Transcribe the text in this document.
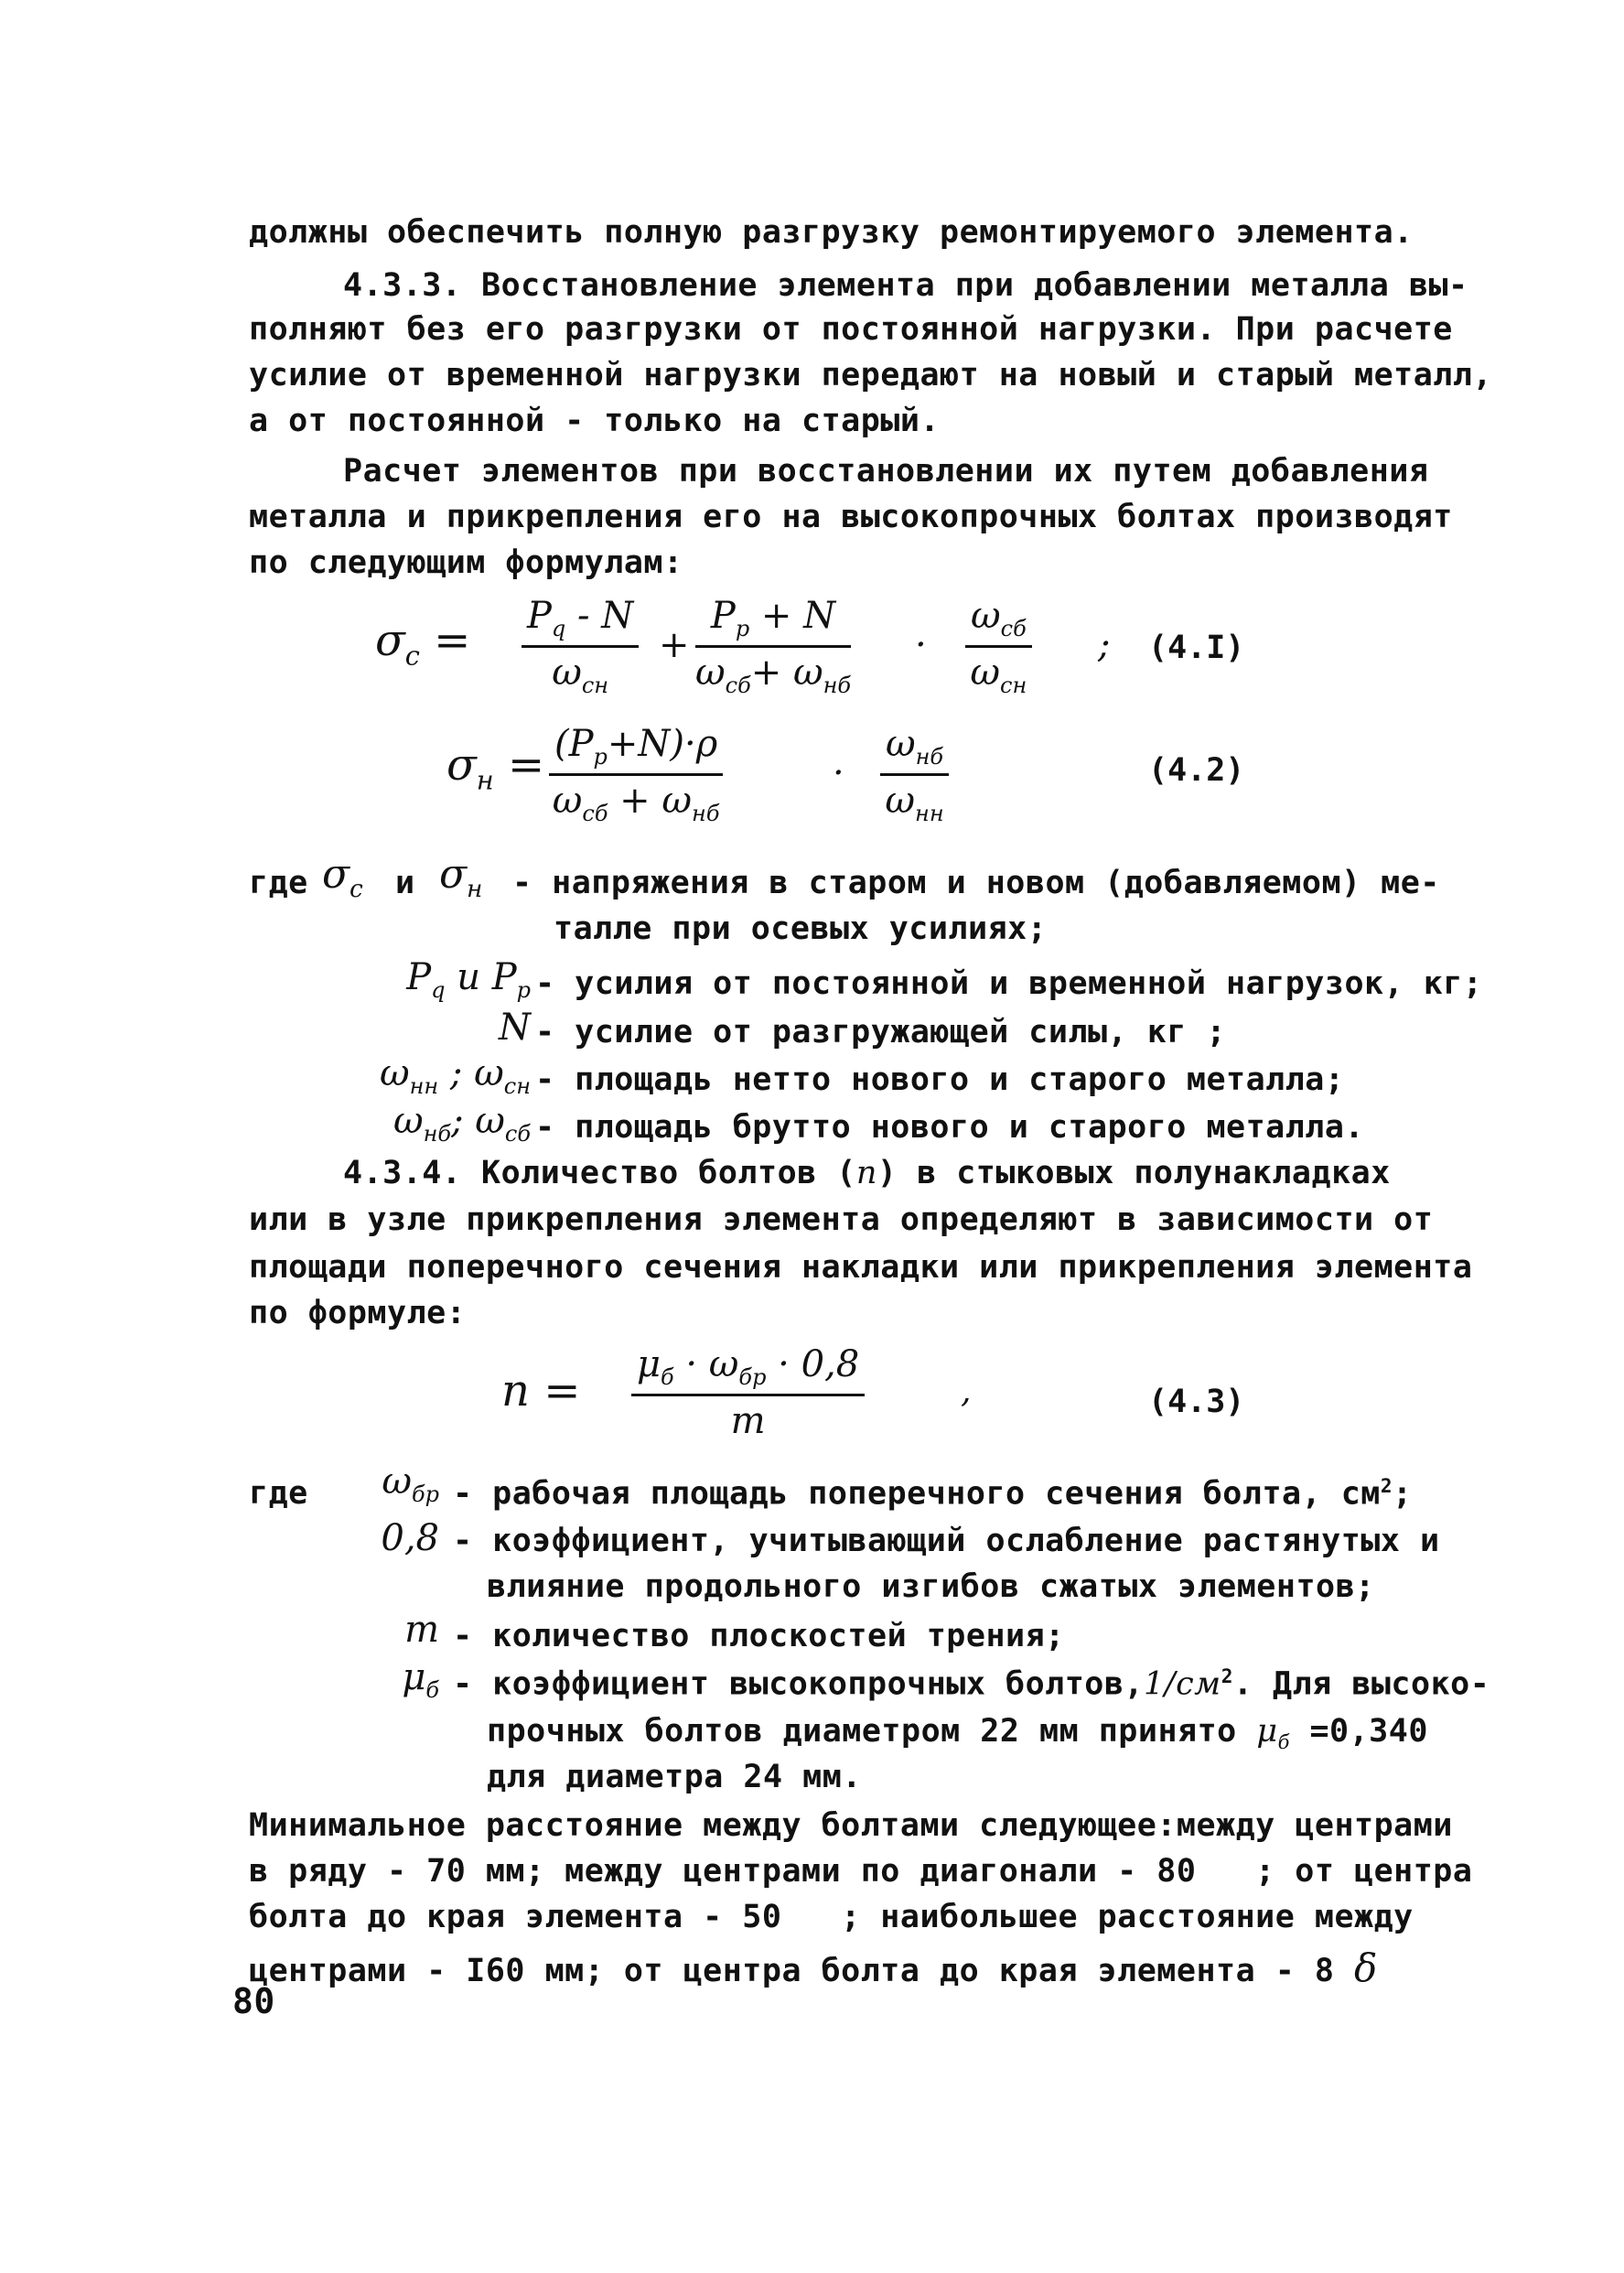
должны обеспечить полную разгрузку ремонтируемого элемента.
4.3.3. Восстановление элемента при добавлении металла вы-
полняют без его разгрузки от постоянной нагрузки. При расчете
усилие от временной нагрузки передают на новый и старый металл,
а от постоянной - только на старый.
Расчет элементов при восстановлении их путем добавления
металла и прикрепления его на высокопрочных болтах производят
по следующим формулам:
$\sigma_c = P_q - N$
$\omega_{сн}$
+
$P_p + N$
$\omega_{сб}+ \omega_{нб}$
·
$\omega_{сб}$
$\omega_{сн}$
; (4.I)
$\sigma_н = (P_p+N)\cdot\rho$
$\omega_{сб} + \omega_{нб}$
·
$\omega_{нб}$
$\omega_{нн}$
(4.2)
где $\sigma_c$ и $\sigma_н$ - напряжения в старом и новом (добавляемом) ме-
талле при осевых усилиях;
$P_q$ и $P_p$ - усилия от постоянной и временной нагрузок, кг;
N - усилие от разгружающей силы, кг ;
$\omega_{нн}$ ; $\omega_{сн}$ - площадь нетто нового и старого металла;
$\omega_{нб}$; $\omega_{сб}$ - площадь брутто нового и старого металла.
4.3.4. Количество болтов (n) в стыковых полунакладках
или в узле прикрепления элемента определяют в зависимости от
площади поперечного сечения накладки или прикрепления элемента
по формуле:
n =
$\mu_б \cdot \omega_{бр} \cdot 0,8$
m
,	(4.3)
где	$\omega_{бр}$ - рабочая площадь поперечного сечения болта, $см^2$;
0,8 - коэффициент, учитывающий ослабление растянутых и
влияние продольного изгибов сжатых элементов;
m - количество плоскостей трения;
$\mu_б$ - коэффициент высокопрочных $болтов,1/см^2$. Для высоко-
прочных болтов диаметром 22 мм принято $\mu_б =0,340$
для диаметра 24 мм.
Минимальное расстояние между болтами следующее:между центрами
в ряду - 70 мм; между центрами по диагонали - 80   ; от центра
болта до края элемента - 50   ; наибольшее расстояние между
центрами - I60 мм; от центра болта до края элемента - 8 δ
80
